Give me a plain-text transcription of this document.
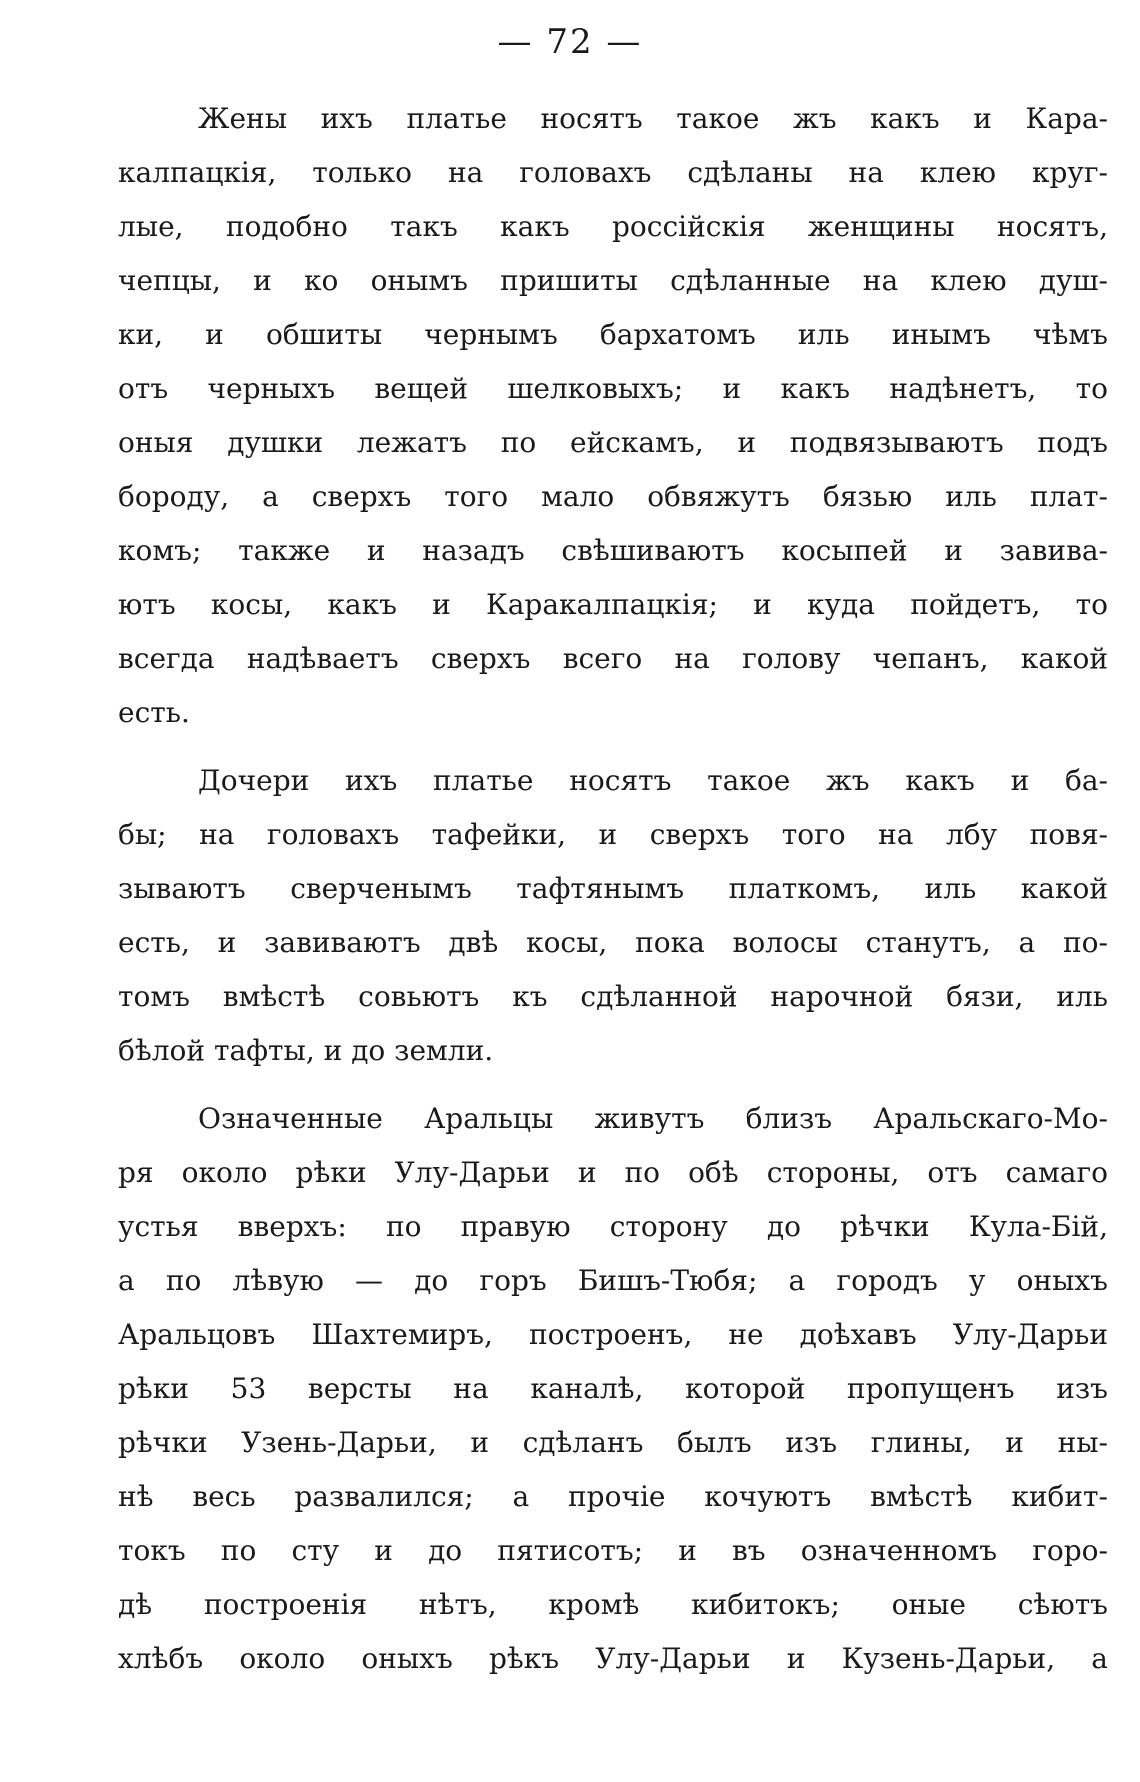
— 72 —
Жены ихъ платье носятъ такое жъ какъ и Кара-
калпацкія, только на головахъ сдѣланы на клею круг-
лые, подобно такъ какъ россійскія женщины носятъ,
чепцы, и ко онымъ пришиты сдѣланные на клею душ-
ки, и обшиты чернымъ бархатомъ иль инымъ чѣмъ
отъ черныхъ вещей шелковыхъ; и какъ надѣнетъ, то
оныя душки лежатъ по ейскамъ, и подвязываютъ подъ
бороду, а сверхъ того мало обвяжутъ бязью иль плат-
комъ; также и назадъ свѣшиваютъ косыпей и завива-
ютъ косы, какъ и Каракалпацкія; и куда пойдетъ, то
всегда надѣваетъ сверхъ всего на голову чепанъ, какой
есть.
Дочери ихъ платье носятъ такое жъ какъ и ба-
бы; на головахъ тафейки, и сверхъ того на лбу повя-
зываютъ сверченымъ тафтянымъ платкомъ, иль какой
есть, и завиваютъ двѣ косы, пока волосы станутъ, а по-
томъ вмѣстѣ совьютъ къ сдѣланной нарочной бязи, иль
бѣлой тафты, и до земли.
Означенные Аральцы живутъ близъ Аральскаго-Мо-
ря около рѣки Улу-Дарьи и по обѣ стороны, отъ самаго
устья вверхъ: по правую сторону до рѣчки Кула-Бій,
а по лѣвую — до горъ Бишъ-Тюбя; а городъ у оныхъ
Аральцовъ Шахтемиръ, построенъ, не доѣхавъ Улу-Дарьи
рѣки 53 версты на каналѣ, которой пропущенъ изъ
рѣчки Узень-Дарьи, и сдѣланъ былъ изъ глины, и ны-
нѣ весь развалился; а прочіе кочуютъ вмѣстѣ кибит-
токъ по сту и до пятисотъ; и въ означенномъ горо-
дѣ построенія нѣтъ, кромѣ кибитокъ; оные сѣютъ
хлѣбъ около оныхъ рѣкъ Улу-Дарьи и Кузень-Дарьи, а
